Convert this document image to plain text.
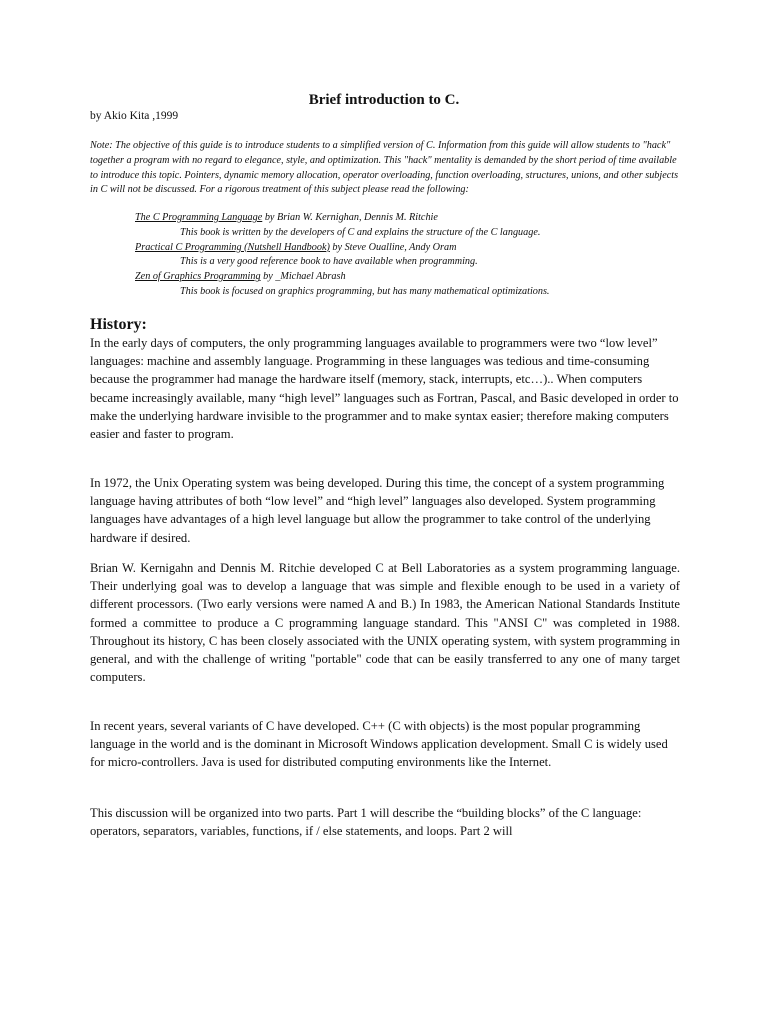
Brief introduction to C.

by Akio Kita ,1999

Note: The objective of this guide is to introduce students to a simplified version of C. Information from this guide will allow students to "hack" together a program with no regard to elegance, style, and optimization. This "hack" mentality is demanded by the short period of time available to introduce this topic. Pointers, dynamic memory allocation, operator overloading, function overloading, structures, unions, and other subjects in C will not be discussed. For a rigorous treatment of this subject please read the following:

The C Programming Language by Brian W. Kernighan, Dennis M. Ritchie
This book is written by the developers of C and explains the structure of the C language.
Practical C Programming (Nutshell Handbook) by Steve Oualline, Andy Oram
This is a very good reference book to have available when programming.
Zen of Graphics Programming by _Michael Abrash
This book is focused on graphics programming, but has many mathematical optimizations.
History:

In the early days of computers, the only programming languages available to programmers were two “low level” languages: machine and assembly language. Programming in these languages was tedious and time-consuming because the programmer had manage the hardware itself (memory, stack, interrupts, etc…).. When computers became increasingly available, many “high level” languages such as Fortran, Pascal, and Basic developed in order to make the underlying hardware invisible to the programmer and to make syntax easier; therefore making computers easier and faster to program.

In 1972, the Unix Operating system was being developed. During this time, the concept of a system programming language having attributes of both “low level” and “high level” languages also developed. System programming languages have advantages of a high level language but allow the programmer to take control of the underlying hardware if desired.

Brian W. Kernigahn and Dennis M. Ritchie developed C at Bell Laboratories as a system programming language. Their underlying goal was to develop a language that was simple and flexible enough to be used in a variety of different processors. (Two early versions were named A and B.) In 1983, the American National Standards Institute formed a committee to produce a C programming language standard. This "ANSI C" was completed in 1988. Throughout its history, C has been closely associated with the UNIX operating system, with system programming in general, and with the challenge of writing "portable" code that can be easily transferred to any one of many target computers.

In recent years, several variants of C have developed. C++ (C with objects) is the most popular programming language in the world and is the dominant in Microsoft Windows application development. Small C is widely used for micro-controllers. Java is used for distributed computing environments like the Internet.

This discussion will be organized into two parts. Part 1 will describe the “building blocks” of the C language: operators, separators, variables, functions, if / else statements, and loops. Part 2 will
